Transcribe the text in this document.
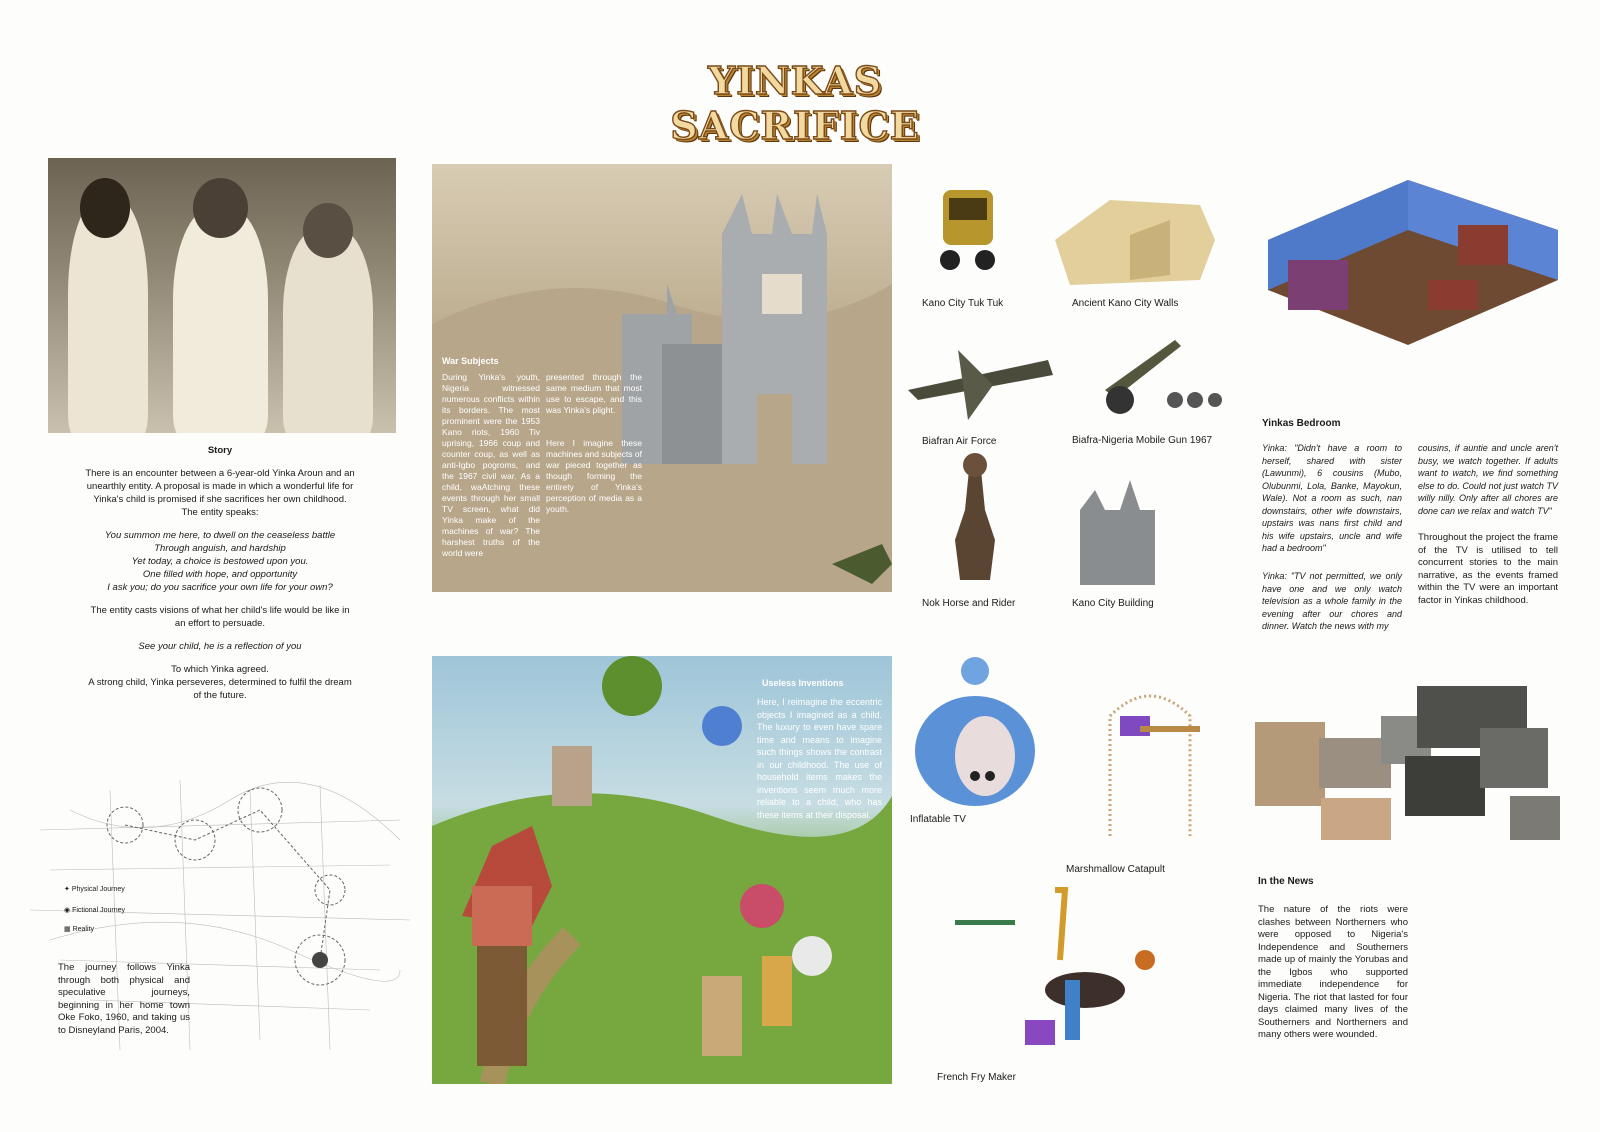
YINKAS SACRIFICE
Story
There is an encounter between a 6-year-old Yinka Aroun and an unearthly entity. A proposal is made in which a wonderful life for Yinka's child is promised if she sacrifices her own childhood. The entity speaks:
You summon me here, to dwell on the ceaseless battle
Through anguish, and hardship
Yet today, a choice is bestowed upon you.
One filled with hope, and opportunity
I ask you; do you sacrifice your own life for your own?
The entity casts visions of what her child's life would be like in an effort to persuade.
See your child, he is a reflection of you
To which Yinka agreed.
A strong child, Yinka perseveres, determined to fulfil the dream of the future.
✦ Physical Journey
◉ Fictional Journey
▦ Reality
The journey follows Yinka through both physical and speculative journeys, beginning in her home town Oke Foko, 1960, and taking us to Disneyland Paris, 2004.
War Subjects
During Yinka's youth, Nigeria witnessed numerous conflicts within its borders. The most prominent were the 1953 Kano riots, 1960 Tiv uprising, 1966 coup and counter coup, as well as anti-Igbo pogroms, and the 1967 civil war. As a child, waAtching these events through her small TV screen, what did Yinka make of the machines of war? The harshest truths of the world were
presented through the same medium that most use to escape, and this was Yinka's plight.
Here I imagine these machines and subjects of war pieced together as though forming the entirety of Yinka's perception of media as a youth.
Useless Inventions
Here, I reimagine the eccentric objects I imagined as a child. The luxury to even have spare time and means to imagine such things shows the contrast in our childhood. The use of household items makes the inventions seem much more reliable to a child, who has these items at their disposal.
Kano City Tuk Tuk	Ancient Kano City Walls
Biafran Air Force	Biafra-Nigeria Mobile Gun 1967
Nok Horse and Rider	Kano City Building
Inflatable TV
Marshmallow Catapult
French Fry Maker
Yinkas Bedroom
Yinka: "Didn't have a room to herself, shared with sister (Lawunmi), 6 cousins (Mubo, Olubunmi, Lola, Banke, Mayokun, Wale). Not a room as such, nan downstairs, other wife downstairs, upstairs was nans first child and his wife upstairs, uncle and wife had a bedroom"
Yinka: "TV not permitted, we only have one and we only watch television as a whole family in the evening after our chores and dinner. Watch the news with my
cousins, if auntie and uncle aren't busy, we watch together. If adults want to watch, we find something else to do. Could not just watch TV willy nilly. Only after all chores are done can we relax and watch TV"
Throughout the project the frame of the TV is utilised to tell concurrent stories to the main narrative, as the events framed within the TV were an important factor in Yinkas childhood.
In the News
The nature of the riots were clashes between Northerners who were opposed to Nigeria's Independence and Southerners made up of mainly the Yorubas and the Igbos who supported immediate independence for Nigeria. The riot that lasted for four days claimed many lives of the Southerners and Northerners and many others were wounded.
